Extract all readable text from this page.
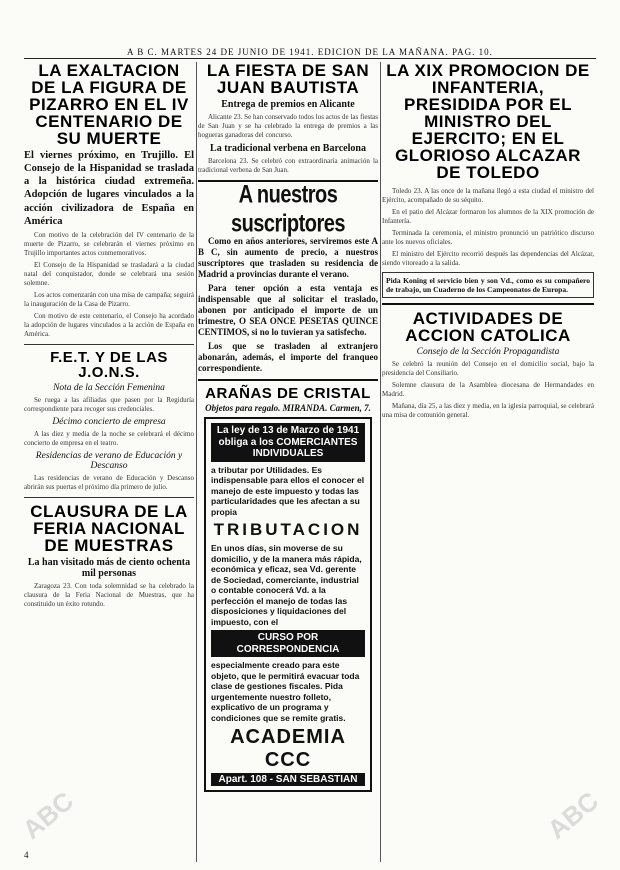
A B C. MARTES 24 DE JUNIO DE 1941. EDICION DE LA MAÑANA. PAG. 10.
LA EXALTACION DE LA FIGURA DE PIZARRO EN EL IV CENTENARIO DE SU MUERTE
El viernes próximo, en Trujillo. El Consejo de la Hispanidad se traslada a la histórica ciudad extremeña. Adopción de lugares vinculados a la acción civilizadora de España en América

Con motivo de la celebración del IV centenario de la muerte de Pizarro, se celebrarán el viernes próximo en Trujillo importantes actos conmemorativos.

El Consejo de la Hispanidad se trasladará a la ciudad natal del conquistador, donde se celebrará una sesión solemne.

Los actos comenzarán con una misa de campaña; seguirá la inauguración de la Casa de Pizarro.

Con motivo de este centenario, el Consejo ha acordado la adopción de lugares vinculados a la acción de España en América.

F.E.T. Y DE LAS J.O.N.S.
Nota de la Sección Femenina

Se ruega a las afiliadas que pasen por la Regiduría correspondiente para recoger sus credenciales.

Décimo concierto de empresa

A las diez y media de la noche se celebrará el décimo concierto de empresa en el teatro.

Residencias de verano de Educación y Descanso

Las residencias de verano de Educación y Descanso abrirán sus puertas el próximo día primero de julio.

CLAUSURA DE LA FERIA NACIONAL DE MUESTRAS
La han visitado más de ciento ochenta mil personas

Zaragoza 23. Con toda solemnidad se ha celebrado la clausura de la Feria Nacional de Muestras, que ha constituido un éxito rotundo.

LA FIESTA DE SAN JUAN BAUTISTA
Entrega de premios en Alicante

Alicante 23. Se han conservado todos los actos de las fiestas de San Juan y se ha celebrado la entrega de premios a las hogueras ganadoras del concurso.

La tradicional verbena en Barcelona

Barcelona 23. Se celebró con extraordinaria animación la tradicional verbena de San Juan.

A nuestros suscriptores

Como en años anteriores, serviremos este A B C, sin aumento de precio, a nuestros suscriptores que trasladen su residencia de Madrid a provincias durante el verano.

Para tener opción a esta ventaja es indispensable que al solicitar el traslado, abonen por anticipado el importe de un trimestre, O SEA ONCE PESETAS QUINCE CENTIMOS, si no lo tuvieran ya satisfecho.

Los que se trasladen al extranjero abonarán, además, el importe del franqueo correspondiente.

ARAÑAS DE CRISTAL
Objetos para regalo. MIRANDA. Carmen, 7.
La ley de 13 de Marzo de 1941 obliga a los COMERCIANTES INDIVIDUALES
a tributar por Utilidades. Es indispensable para ellos el conocer el manejo de este impuesto y todas las particularidades que les afectan a su propia
TRIBUTACION
En unos días, sin moverse de su domicilio, y de la manera más rápida, económica y eficaz, sea Vd. gerente de Sociedad, comerciante, industrial o contable conocerá Vd. a la perfección el manejo de todas las disposiciones y liquidaciones del impuesto, con el
CURSO POR CORRESPONDENCIA
especialmente creado para este objeto, que le permitirá evacuar toda clase de gestiones fiscales. Pida urgentemente nuestro folleto, explicativo de un programa y condiciones que se remite gratis.
ACADEMIA CCC
Apart. 108 - SAN SEBASTIAN
LA XIX PROMOCION DE INFANTERIA, PRESIDIDA POR EL MINISTRO DEL EJERCITO; EN EL GLORIOSO ALCAZAR DE TOLEDO

Toledo 23. A las once de la mañana llegó a esta ciudad el ministro del Ejército, acompañado de su séquito.

En el patio del Alcázar formaron los alumnos de la XIX promoción de Infantería.

Terminada la ceremonia, el ministro pronunció un patriótico discurso ante los nuevos oficiales.

El ministro del Ejército recorrió después las dependencias del Alcázar, siendo vitoreado a la salida.

Pida Koning el servicio bien y son Vd., como es su compañero de trabajo, un Cuaderno de los Campeonatos de Europa.
ACTIVIDADES DE ACCION CATOLICA
Consejo de la Sección Propagandista

Se celebró la reunión del Consejo en el domicilio social, bajo la presidencia del Consiliario.

Solemne clausura de la Asamblea diocesana de Hermandades en Madrid.

Mañana, día 25, a las diez y media, en la iglesia parroquial, se celebrará una misa de comunión general.

4
ABC	ABC
